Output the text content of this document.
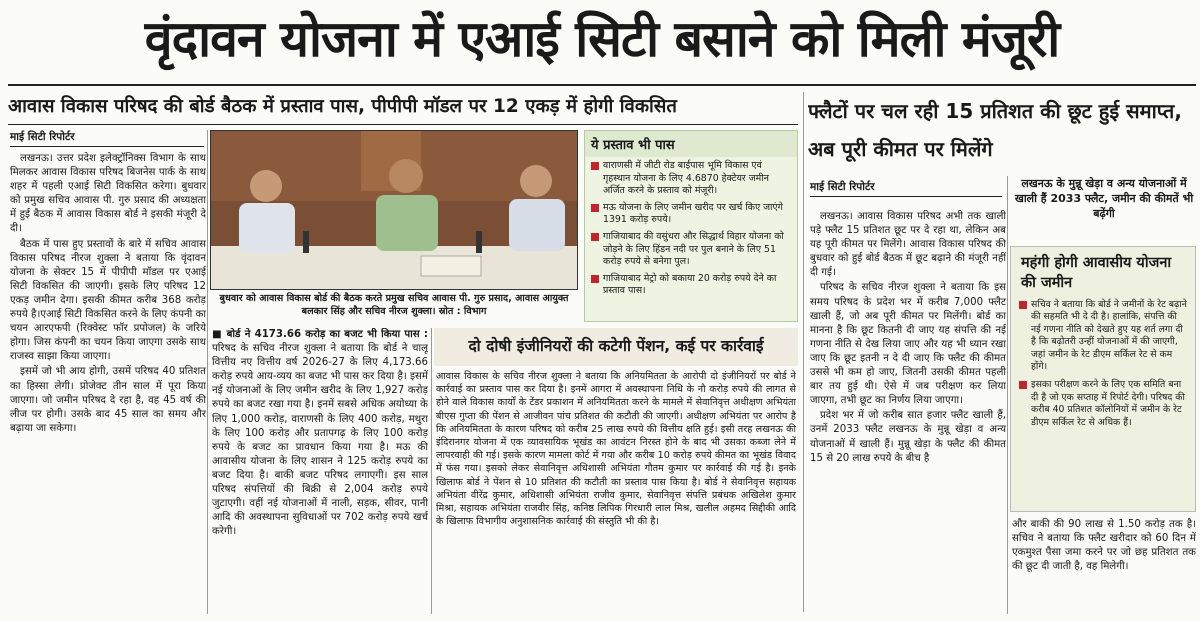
वृंदावन योजना में एआई सिटी बसाने को मिली मंजूरी
आवास विकास परिषद की बोर्ड बैठक में प्रस्ताव पास, पीपीपी मॉडल पर 12 एकड़ में होगी विकसित	फ्लैटों पर चल रही 15 प्रतिशत की छूट हुई समाप्त, अब पूरी कीमत पर मिलेंगे
माई सिटी रिपोर्टर

लखनऊ। उत्तर प्रदेश इलेक्ट्रॉनिक्स विभाग के साथ मिलकर आवास विकास परिषद बिजनेस पार्क के साथ शहर में पहली एआई सिटी विकसित करेगा। बुधवार को प्रमुख सचिव आवास पी. गुरु प्रसाद की अध्यक्षता में हुई बैठक में आवास विकास बोर्ड ने इसकी मंजूरी दे दी।

बैठक में पास हुए प्रस्तावों के बारे में सचिव आवास विकास परिषद नीरज शुक्ला ने बताया कि वृंदावन योजना के सेक्टर 15 में पीपीपी मॉडल पर एआई सिटी विकसित की जाएगी। इसके लिए परिषद 12 एकड़ जमीन देगा। इसकी कीमत करीब 368 करोड़ रुपये है।एआई सिटी विकसित करने के लिए कंपनी का चयन आरएफपी (रिक्वेस्ट फॉर प्रपोजल) के जरिये होगा। जिस कंपनी का चयन किया जाएगा उसके साथ राजस्व साझा किया जाएगा।

इसमें जो भी आय होगी, उसमें परिषद 40 प्रतिशत का हिस्सा लेगी। प्रोजेक्ट तीन साल में पूरा किया जाएगा। जो जमीन परिषद दे रहा है, वह 45 वर्ष की लीज पर होगी। उसके बाद 45 साल का समय और बढ़ाया जा सकेगा।

बुधवार को आवास विकास बोर्ड की बैठक करते प्रमुख सचिव आवास पी. गुरु प्रसाद, आवास आयुक्त बलकार सिंह और सचिव नीरज शुक्ला। स्रोत : विभाग
ये प्रस्ताव भी पास
वाराणसी में जीटी रोड बाईपास भूमि विकास एवं गृहस्थान योजना के लिए 4.6870 हेक्टेयर जमीन अर्जित करने के प्रस्ताव को मंजूरी।
मऊ योजना के लिए जमीन खरीद पर खर्च किए जाएंगे 1391 करोड़ रुपये।
गाजियाबाद की वसुंधरा और सिद्धार्थ विहार योजना को जोड़ने के लिए हिंडन नदी पर पुल बनाने के लिए 51 करोड़ रुपये से बनेगा पुल।
गाजियाबाद मेट्रो को बकाया 20 करोड़ रुपये देने का प्रस्ताव पास।
■ बोर्ड ने 4173.66 करोड़ का बजट भी किया पास : परिषद के सचिव नीरज शुक्ला ने बताया कि बोर्ड ने चालू वित्तीय नए वित्तीय वर्ष 2026-27 के लिए 4,173.66 करोड़ रुपये आय-व्यय का बजट भी पास कर दिया है। इसमें नई योजनाओं के लिए जमीन खरीद के लिए 1,927 करोड़ रुपये का बजट रखा गया है। इनमें सबसे अधिक अयोध्या के लिए 1,000 करोड़, वाराणसी के लिए 400 करोड़, मथुरा के लिए 100 करोड़ और प्रतापगढ़ के लिए 100 करोड़ रुपये के बजट का प्रावधान किया गया है। मऊ की आवासीय योजना के लिए शासन ने 125 करोड़ रुपये का बजट दिया है। बाकी बजट परिषद लगाएगी। इस साल परिषद संपत्तियों की बिक्री से 2,004 करोड़ रुपये जुटाएगी। वहीं नई योजनाओं में नाली, सड़क, सीवर, पानी आदि की अवस्थापना सुविधाओं पर 702 करोड़ रुपये खर्च करेगी।
दो दोषी इंजीनियरों की कटेगी पेंशन, कई पर कार्रवाई
आवास विकास के सचिव नीरज शुक्ला ने बताया कि अनियमितता के आरोपी दो इंजीनियरों पर बोर्ड ने कार्रवाई का प्रस्ताव पास कर दिया है। इनमें आगरा में अवस्थापना निधि के नौ करोड़ रुपये की लागत से होने वाले विकास कार्यों के टेंडर प्रकाशन में अनियमितता करने के मामले में सेवानिवृत्त अधीक्षण अभियंता बीएस गुप्ता की पेंशन से आजीवन पांच प्रतिशत की कटौती की जाएगी। अधीक्षण अभियंता पर आरोप है कि अनियमितता के कारण परिषद को करीब 25 लाख रुपये की वित्तीय क्षति हुई। इसी तरह लखनऊ की इंदिरानगर योजना में एक व्यावसायिक भूखंड का आवंटन निरस्त होने के बाद भी उसका कब्जा लेने में लापरवाही की गई। इसके कारण मामला कोर्ट में गया और करीब 10 करोड़ रुपये कीमत का भूखंड विवाद में फंस गया। इसको लेकर सेवानिवृत्त अधिशासी अभियंता गौतम कुमार पर कार्रवाई की गई है। इनके खिलाफ बोर्ड ने पेंशन से 10 प्रतिशत की कटौती का प्रस्ताव पास किया है। बोर्ड ने सेवानिवृत्त सहायक अभियंता वीरेंद्र कुमार, अधिशासी अभियंता राजीव कुमार, सेवानिवृत्त संपत्ति प्रबंधक अखिलेश कुमार मिश्रा, सहायक अभियंता राजवीर सिंह, कनिष्ठ लिपिक गिरधारी लाल मिश्र, खलील अहमद सिद्दीकी आदि के खिलाफ विभागीय अनुशासनिक कार्रवाई की संस्तुति भी की है।
माई सिटी रिपोर्टर

लखनऊ। आवास विकास परिषद अभी तक खाली पड़े फ्लैट 15 प्रतिशत छूट पर दे रहा था, लेकिन अब यह पूरी कीमत पर मिलेंगे। आवास विकास परिषद की बुधवार को हुई बोर्ड बैठक में छूट बढ़ाने की मंजूरी नहीं दी गई।

परिषद के सचिव नीरज शुक्ला ने बताया कि इस समय परिषद के प्रदेश भर में करीब 7,000 फ्लैट खाली हैं, जो अब पूरी कीमत पर मिलेंगी। बोर्ड का मानना है कि छूट कितनी दी जाए यह संपत्ति की नई गणना नीति से देख लिया जाए और यह भी ध्यान रखा जाए कि छूट इतनी न दे दी जाए कि फ्लैट की कीमत उससे भी कम हो जाए, जितनी उसकी कीमत पहली बार तय हुई थी। ऐसे में जब परीक्षण कर लिया जाएगा, तभी छूट का निर्णय लिया जाएगा।

प्रदेश भर में जो करीब सात हजार फ्लैट खाली हैं, उनमें 2033 फ्लैट लखनऊ के मुन्नू खेड़ा व अन्य योजनाओं में खाली हैं। मुन्नू खेड़ा के फ्लैट की कीमत 15 से 20 लाख रुपये के बीच है

लखनऊ के मुन्नू खेड़ा व अन्य योजनाओं में खाली हैं 2033 फ्लैट, जमीन की कीमतें भी बढ़ेंगी
महंगी होगी आवासीय योजना की जमीन
सचिव ने बताया कि बोर्ड ने जमीनों के रेट बढ़ाने की सहमति भी दे दी है। हालांकि, संपत्ति की नई गणना नीति को देखते हुए यह शर्त लगा दी है कि बढ़ोतरी उन्हीं योजनाओं में की जाएगी, जहां जमीन के रेट डीएम सर्किल रेट से कम होंगे।
इसका परीक्षण करने के लिए एक समिति बना दी है जो एक सप्ताह में रिपोर्ट देगी। परिषद की करीब 40 प्रतिशत कॉलोनियों में जमीन के रेट डीएम सर्किल रेट से अधिक हैं।
और बाकी की 90 लाख से 1.50 करोड़ तक है। सचिव ने बताया कि फ्लैट खरीदार को 60 दिन में एकमुश्त पैसा जमा करने पर जो छह प्रतिशत तक की छूट दी जाती है, वह मिलेगी।
